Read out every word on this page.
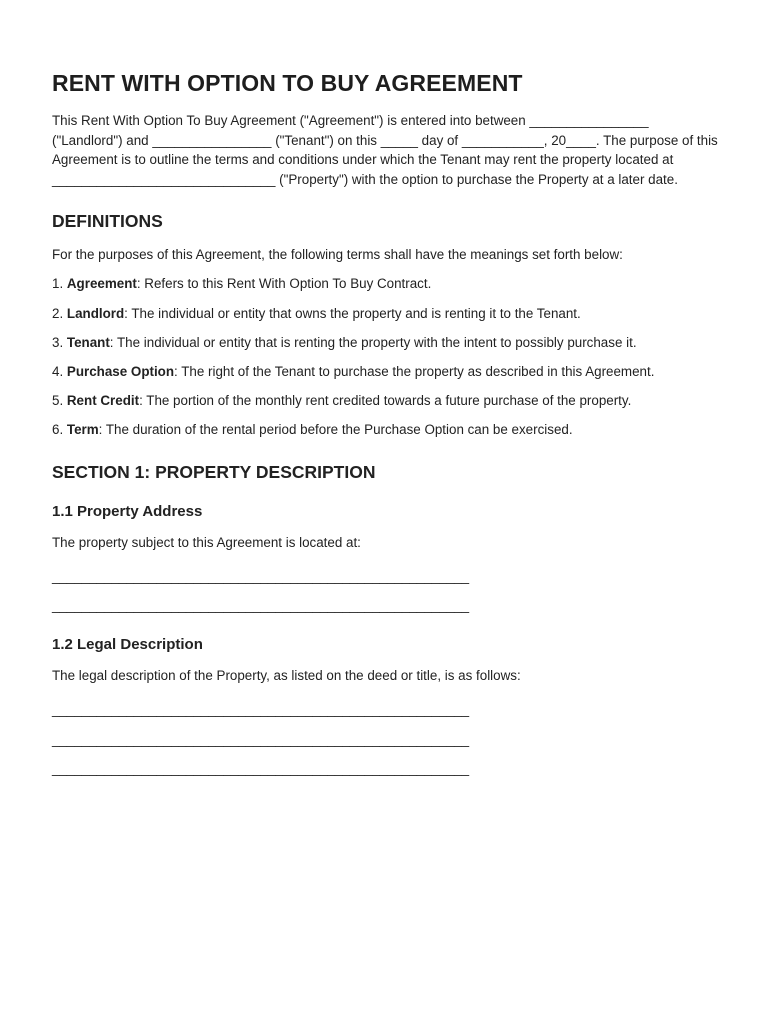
RENT WITH OPTION TO BUY AGREEMENT

This Rent With Option To Buy Agreement ("Agreement") is entered into between ________________ ("Landlord") and ________________ ("Tenant") on this _____ day of ___________, 20____. The purpose of this Agreement is to outline the terms and conditions under which the Tenant may rent the property located at ______________________________ ("Property") with the option to purchase the Property at a later date.

DEFINITIONS

For the purposes of this Agreement, the following terms shall have the meanings set forth below:

1. Agreement: Refers to this Rent With Option To Buy Contract.
2. Landlord: The individual or entity that owns the property and is renting it to the Tenant.
3. Tenant: The individual or entity that is renting the property with the intent to possibly purchase it.
4. Purchase Option: The right of the Tenant to purchase the property as described in this Agreement.
5. Rent Credit: The portion of the monthly rent credited towards a future purchase of the property.
6. Term: The duration of the rental period before the Purchase Option can be exercised.
SECTION 1: PROPERTY DESCRIPTION
1.1 Property Address

The property subject to this Agreement is located at:

________________________________________________________
________________________________________________________
1.2 Legal Description

The legal description of the Property, as listed on the deed or title, is as follows:

________________________________________________________
________________________________________________________
________________________________________________________
